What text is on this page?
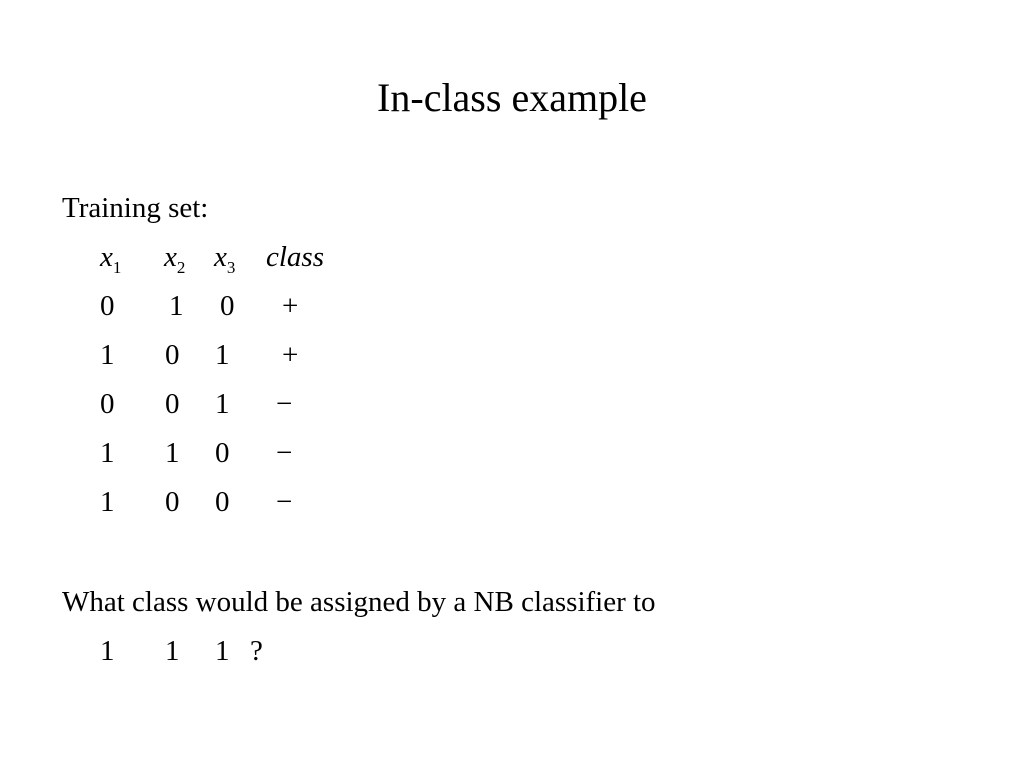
In-class example
Training set:
$x_1$ $x_2$ $x_3$ class
0 1 0 +
1 0 1 +
0 0 1 −
1 1 0 −
1 0 0 −
What class would be assigned by a NB classifier to
1 1 1 ?
